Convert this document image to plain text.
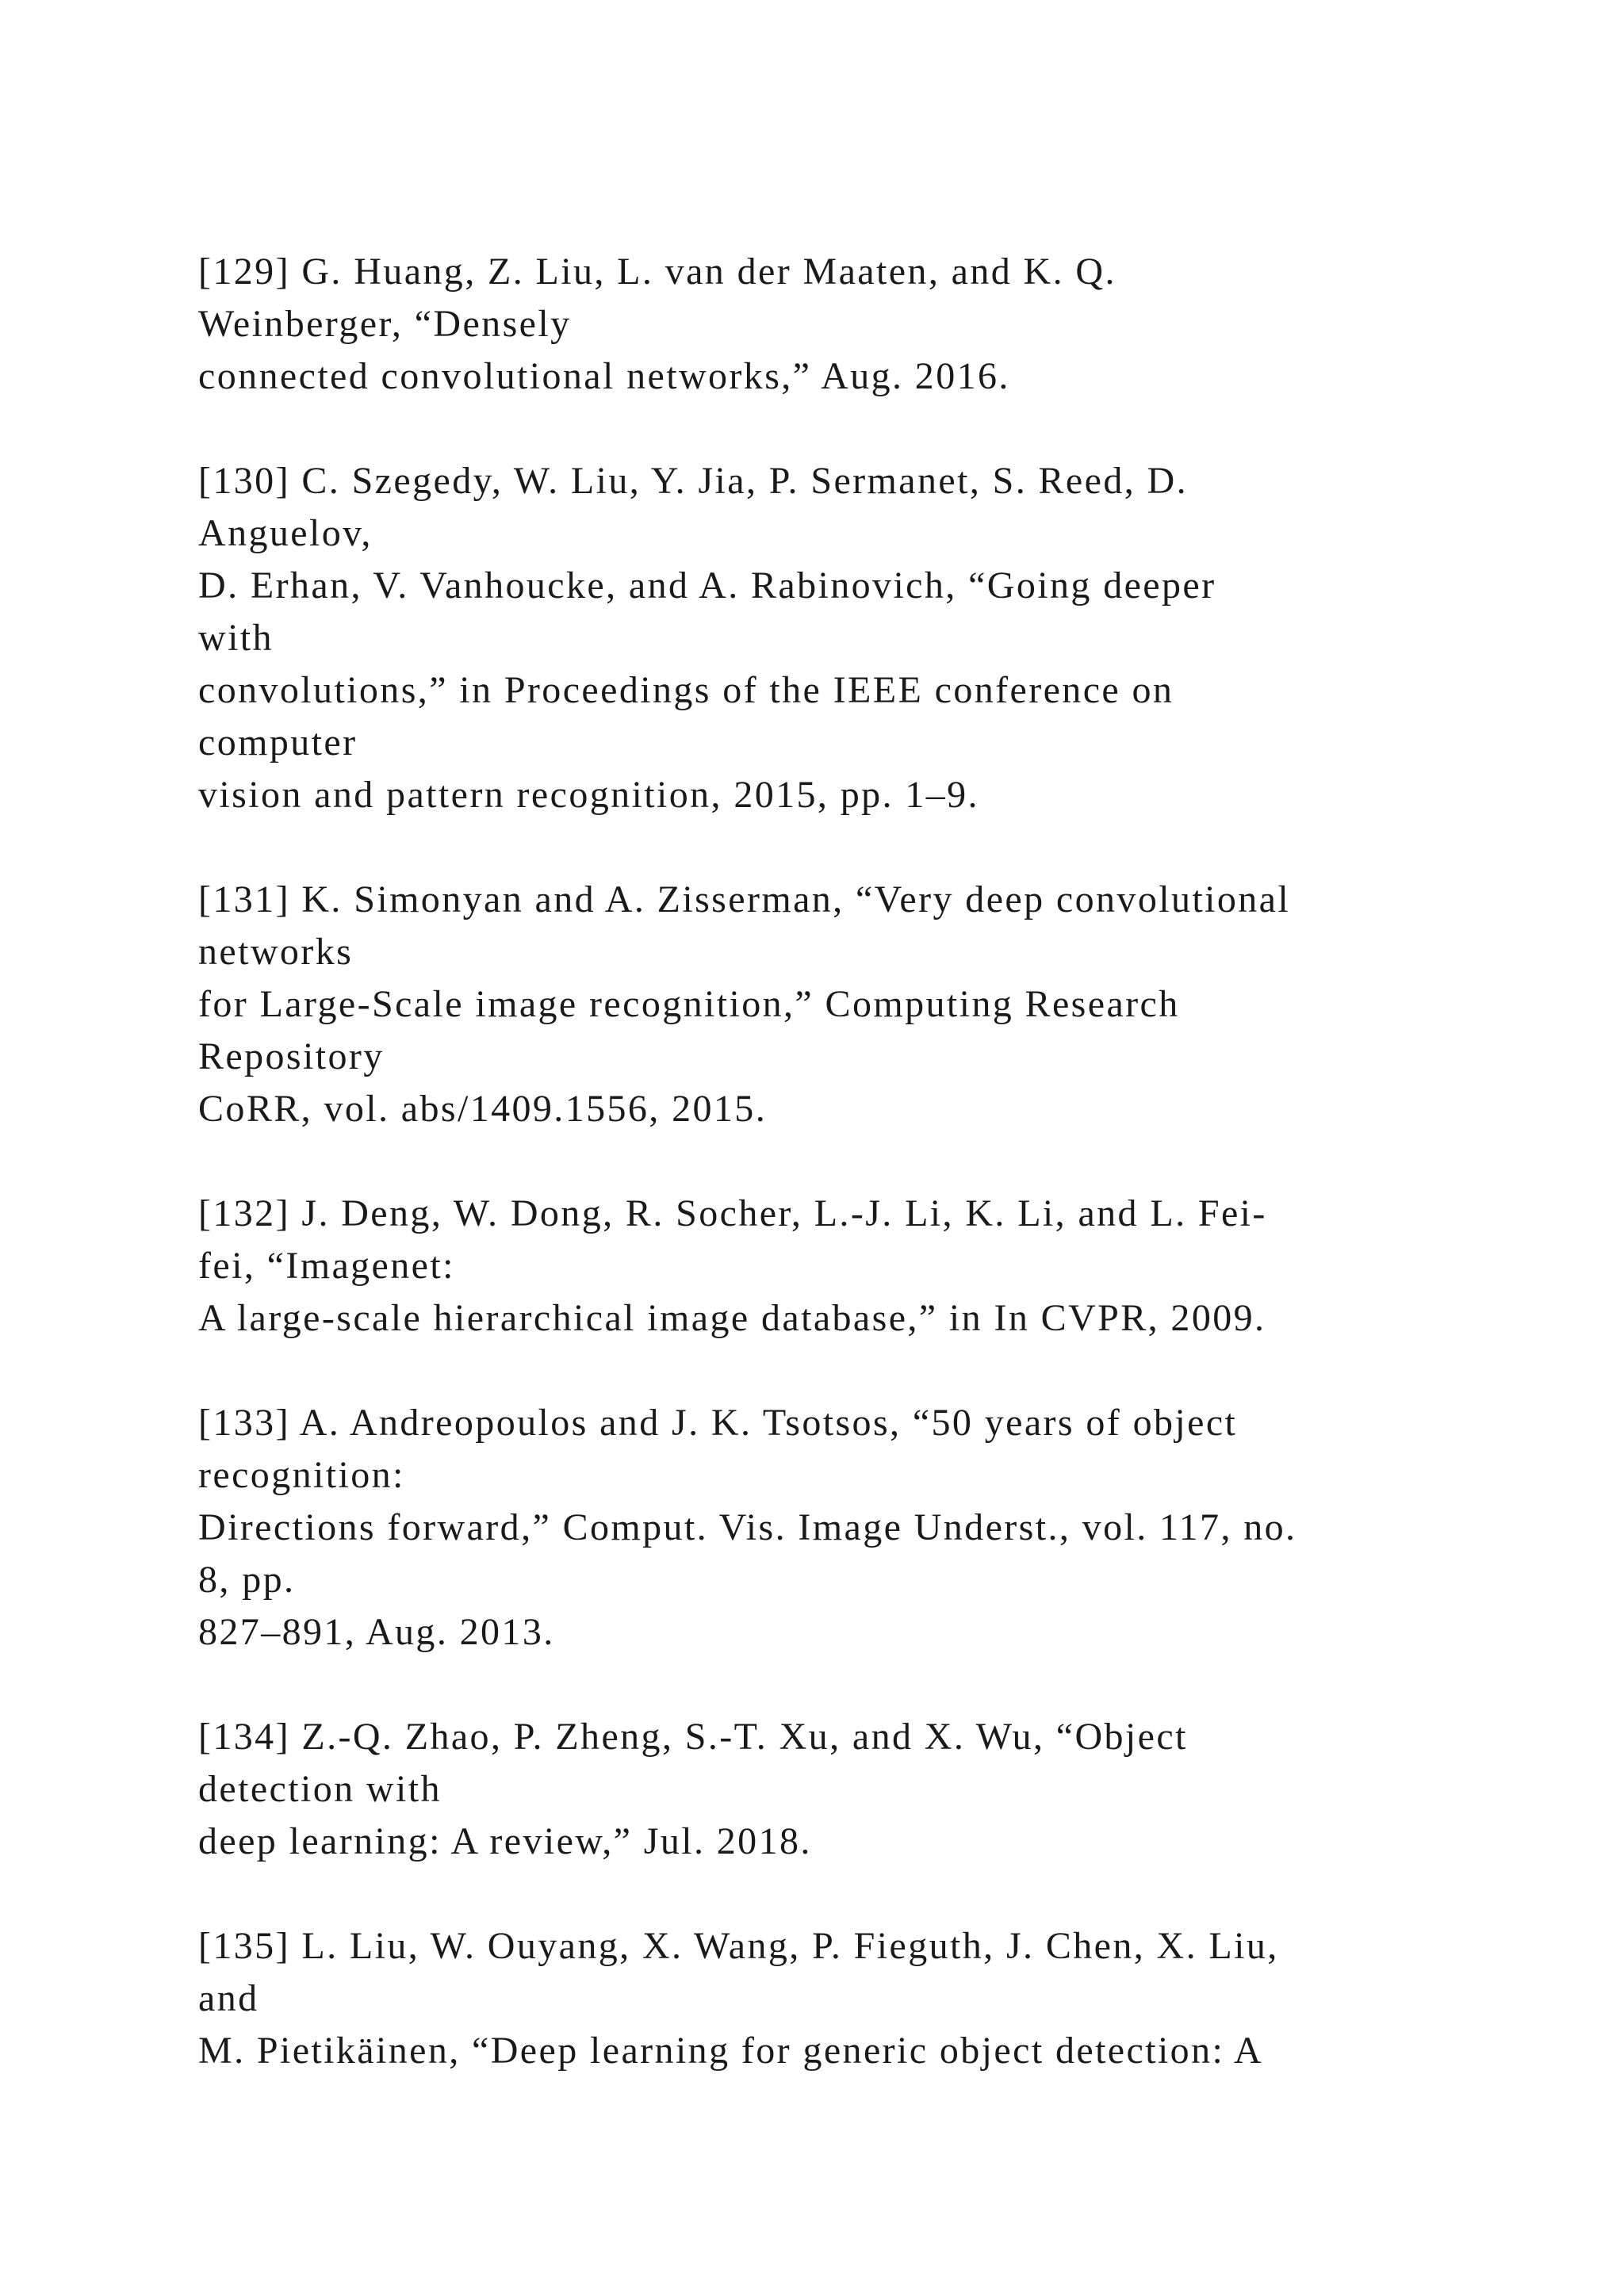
[129] G. Huang, Z. Liu, L. van der Maaten, and K. Q.
Weinberger, “Densely
connected convolutional networks,” Aug. 2016.
[130] C. Szegedy, W. Liu, Y. Jia, P. Sermanet, S. Reed, D.
Anguelov,
D. Erhan, V. Vanhoucke, and A. Rabinovich, “Going deeper
with
convolutions,” in Proceedings of the IEEE conference on
computer
vision and pattern recognition, 2015, pp. 1–9.
[131] K. Simonyan and A. Zisserman, “Very deep convolutional
networks
for Large-Scale image recognition,” Computing Research
Repository
CoRR, vol. abs/1409.1556, 2015.
[132] J. Deng, W. Dong, R. Socher, L.-J. Li, K. Li, and L. Fei-
fei, “Imagenet:
A large-scale hierarchical image database,” in In CVPR, 2009.
[133] A. Andreopoulos and J. K. Tsotsos, “50 years of object
recognition:
Directions forward,” Comput. Vis. Image Underst., vol. 117, no.
8, pp.
827–891, Aug. 2013.
[134] Z.-Q. Zhao, P. Zheng, S.-T. Xu, and X. Wu, “Object
detection with
deep learning: A review,” Jul. 2018.
[135] L. Liu, W. Ouyang, X. Wang, P. Fieguth, J. Chen, X. Liu,
and
M. Pietikäinen, “Deep learning for generic object detection: A
